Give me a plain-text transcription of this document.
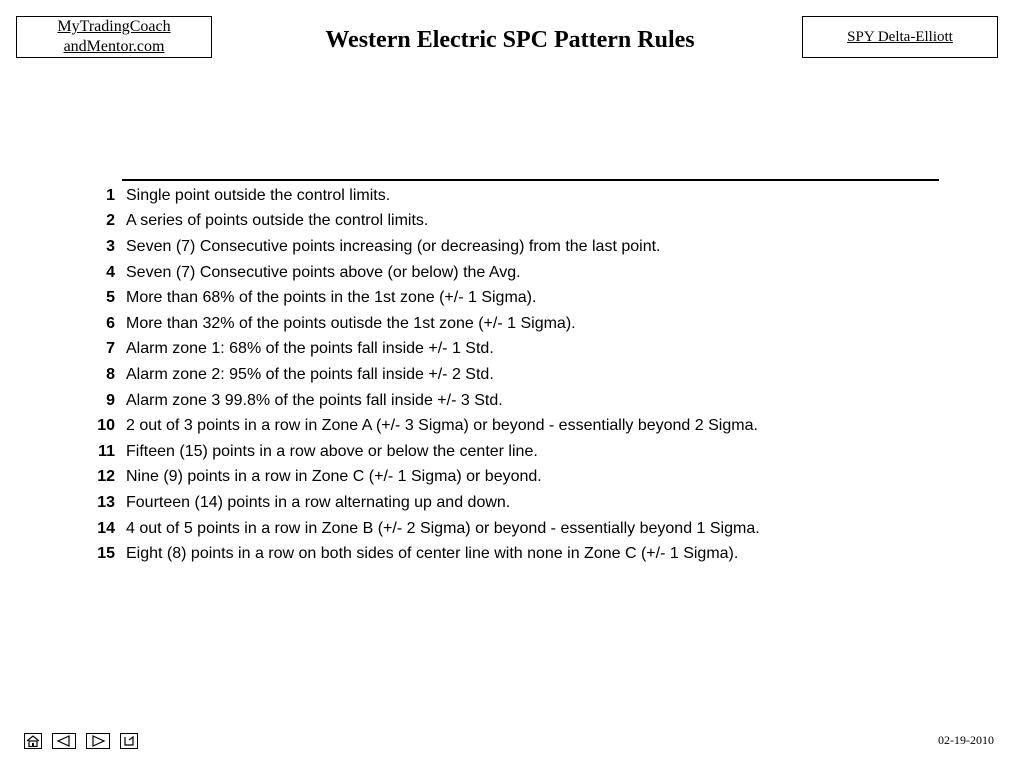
MyTradingCoach
andMentor.com	Western Electric SPC Pattern Rules	SPY Delta-Elliott
1 Single point outside the control limits.
2 A series of points outside the control limits.
3 Seven (7) Consecutive points increasing (or decreasing) from the last point.
4 Seven (7) Consecutive points above (or below) the Avg.
5 More than 68% of the points in the 1st zone (+/- 1 Sigma).
6 More than 32% of the points outisde the 1st zone (+/- 1 Sigma).
7 Alarm zone 1: 68% of the points fall inside +/- 1 Std.
8 Alarm zone 2: 95% of the points fall inside +/- 2 Std.
9 Alarm zone 3 99.8% of the points fall inside +/- 3 Std.
10 2 out of 3 points in a row in Zone A (+/- 3 Sigma) or beyond - essentially beyond 2 Sigma.
11 Fifteen (15) points in a row above or below the center line.
12 Nine (9) points in a row in Zone C (+/- 1 Sigma) or beyond.
13 Fourteen (14) points in a row alternating up and down.
14 4 out of 5 points in a row in Zone B (+/- 2 Sigma) or beyond - essentially beyond 1 Sigma.
15 Eight (8) points in a row on both sides of center line with none in Zone C (+/- 1 Sigma).
02-19-2010
